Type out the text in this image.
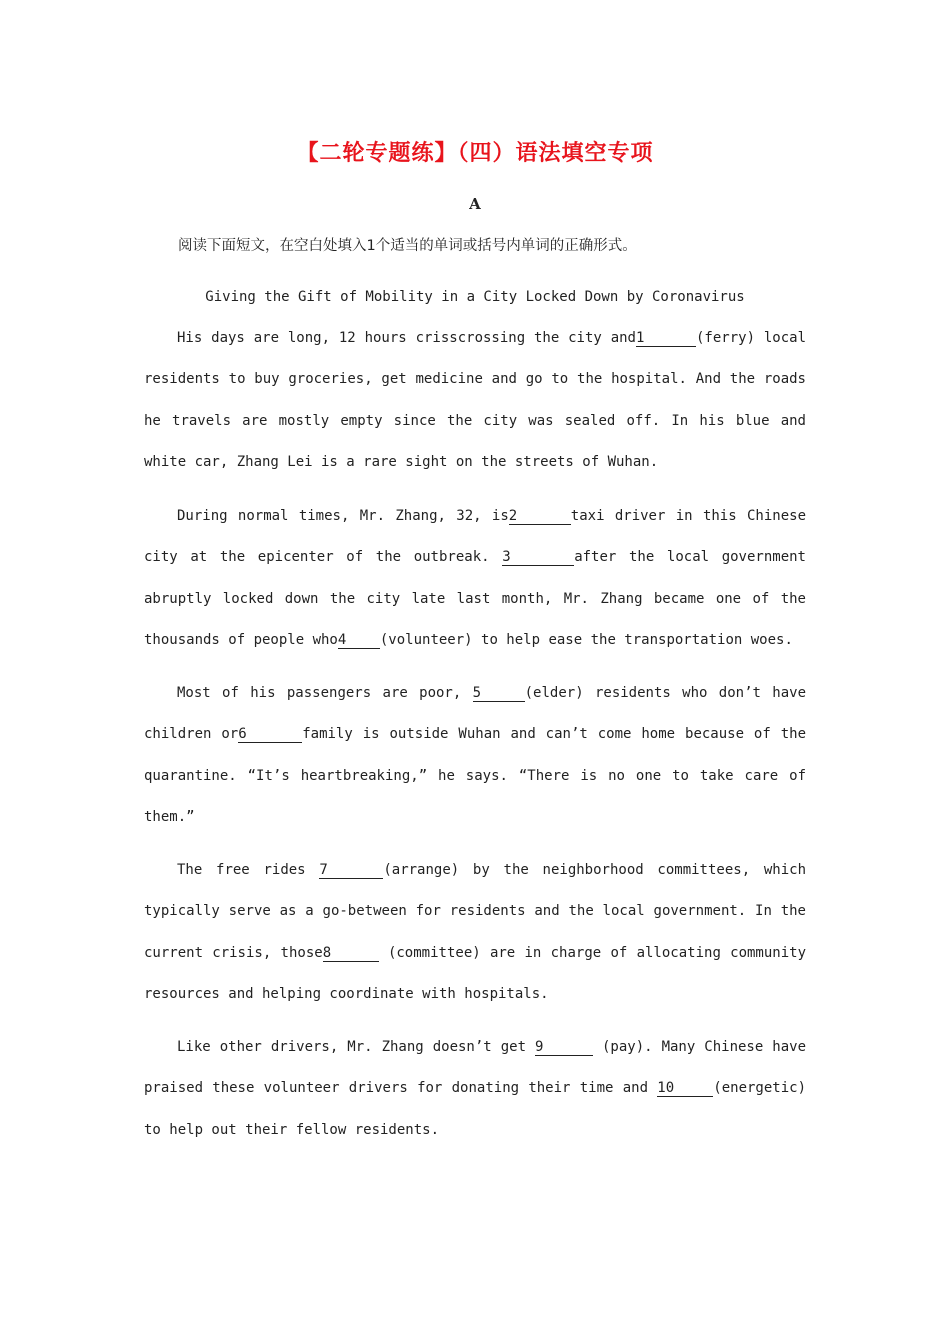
【二轮专题练】（四）语法填空专项
A
阅读下面短文，在空白处填入1个适当的单词或括号内单词的正确形式。
Giving the Gift of Mobility in a City Locked Down by Coronavirus

His days are long, 12 hours crisscrossing the city and1	(ferry) local residents to buy groceries, get medicine and go to the hospital. And the roads he travels are mostly empty since the city was sealed off. In his blue and white car, Zhang Lei is a rare sight on the streets of Wuhan.

During normal times, Mr. Zhang, 32, is2	taxi driver in this Chinese city at the epicenter of the outbreak. 3	after the local government abruptly locked down the city late last month, Mr. Zhang became one of the thousands of people who4 (volunteer) to help ease the transportation woes.

Most of his passengers are poor, 5	(elder) residents who don’t have children or6	family is outside Wuhan and can’t come home because of the quarantine. “It’s heartbreaking,” he says. “There is no one to take care of them.”

The free rides 7	(arrange) by the neighborhood committees, which typically serve as a go-between for residents and the local government. In the current crisis, those8	(committee) are in charge of allocating community resources and helping coordinate with hospitals.

Like other drivers, Mr. Zhang doesn’t get 9	(pay). Many Chinese have praised these volunteer drivers for donating their time and 10	(energetic) to help out their fellow residents.
